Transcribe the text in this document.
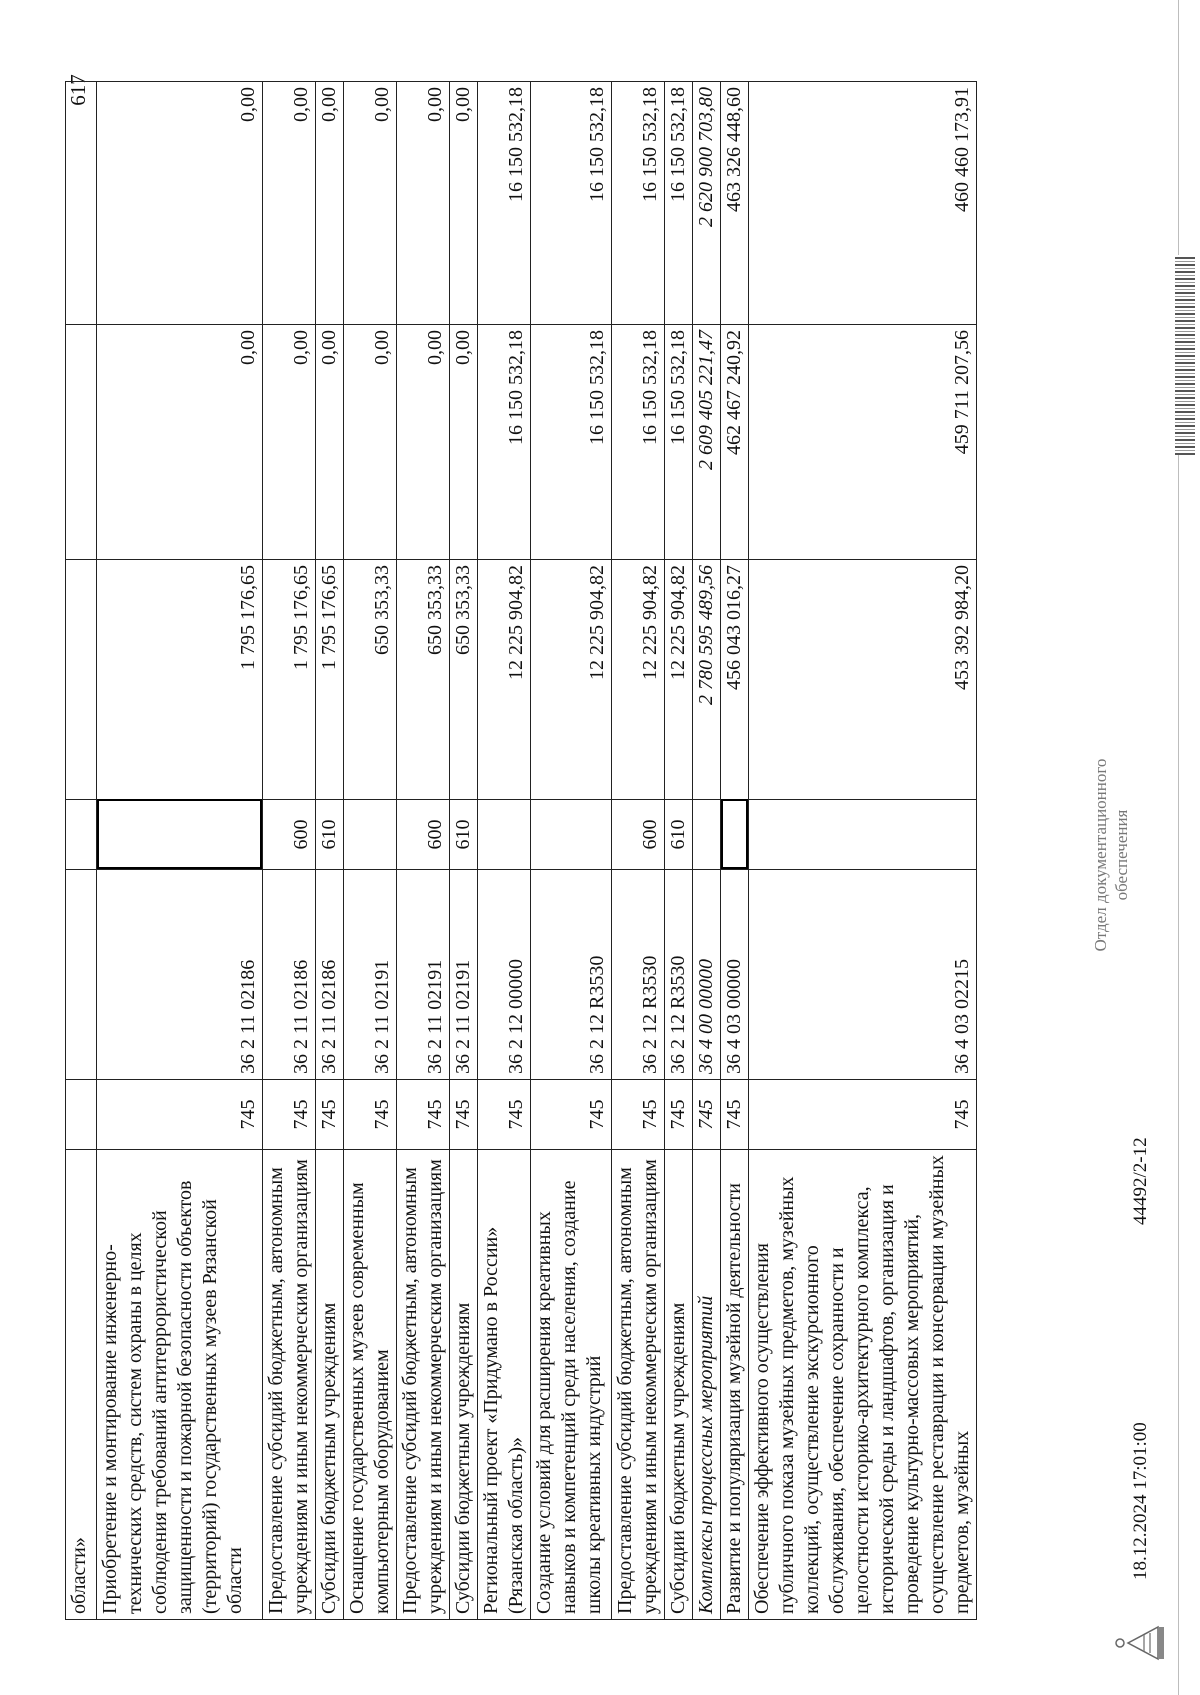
617
области» Приобретение и монтирование инженерно-технических средств, систем охраны в целях соблюдения требований антитеррористической защищенности и пожарной безопасности объектов (территорий) государственных музеев Рязанской области
745
36 2 11 02186
1 795 176,65
0,00
0,00
Предоставление субсидий бюджетным, автономным учреждениям и иным некоммерческим организациям
745
36 2 11 02186
600
1 795 176,65
0,00
0,00
Субсидии бюджетным учреждениям
745
36 2 11 02186
610
1 795 176,65
0,00
0,00
Оснащение государственных музеев современным компьютерным оборудованием
745
36 2 11 02191
650 353,33
0,00
0,00
Предоставление субсидий бюджетным, автономным учреждениям и иным некоммерческим организациям
745
36 2 11 02191
600
650 353,33
0,00
0,00
Субсидии бюджетным учреждениям
745
36 2 11 02191
610
650 353,33
0,00
0,00
Региональный проект «Придумано в России» (Рязанская область)»
745
36 2 12 00000
12 225 904,82
16 150 532,18
16 150 532,18
Создание условий для расширения креативных навыков и компетенций среди населения, создание школы креативных индустрий
745
36 2 12 R3530
12 225 904,82
16 150 532,18
16 150 532,18
Предоставление субсидий бюджетным, автономным учреждениям и иным некоммерческим организациям
745
36 2 12 R3530
600
12 225 904,82
16 150 532,18
16 150 532,18
Субсидии бюджетным учреждениям
745
36 2 12 R3530
610
12 225 904,82
16 150 532,18
16 150 532,18
Комплексы процессных мероприятий
745
36 4 00 00000
2 780 595 489,56
2 609 405 221,47
2 620 900 703,80
Развитие и популяризация музейной деятельности
745
36 4 03 00000
456 043 016,27
462 467 240,92
463 326 448,60
Обеспечение эффективного осуществления публичного показа музейных предметов, музейных коллекций, осуществление экскурсионного обслуживания, обеспечение сохранности и целостности историко-архитектурного комплекса, исторической среды и ландшафтов, организация и проведение культурно-массовых мероприятий, осуществление реставрации и консервации музейных предметов, музейных
745
36 4 03 02215
453 392 984,20
459 711 207,56
460 460 173,91
Отдел документационного обеспечения
18.12.2024 17:01:00
44492/2-12
